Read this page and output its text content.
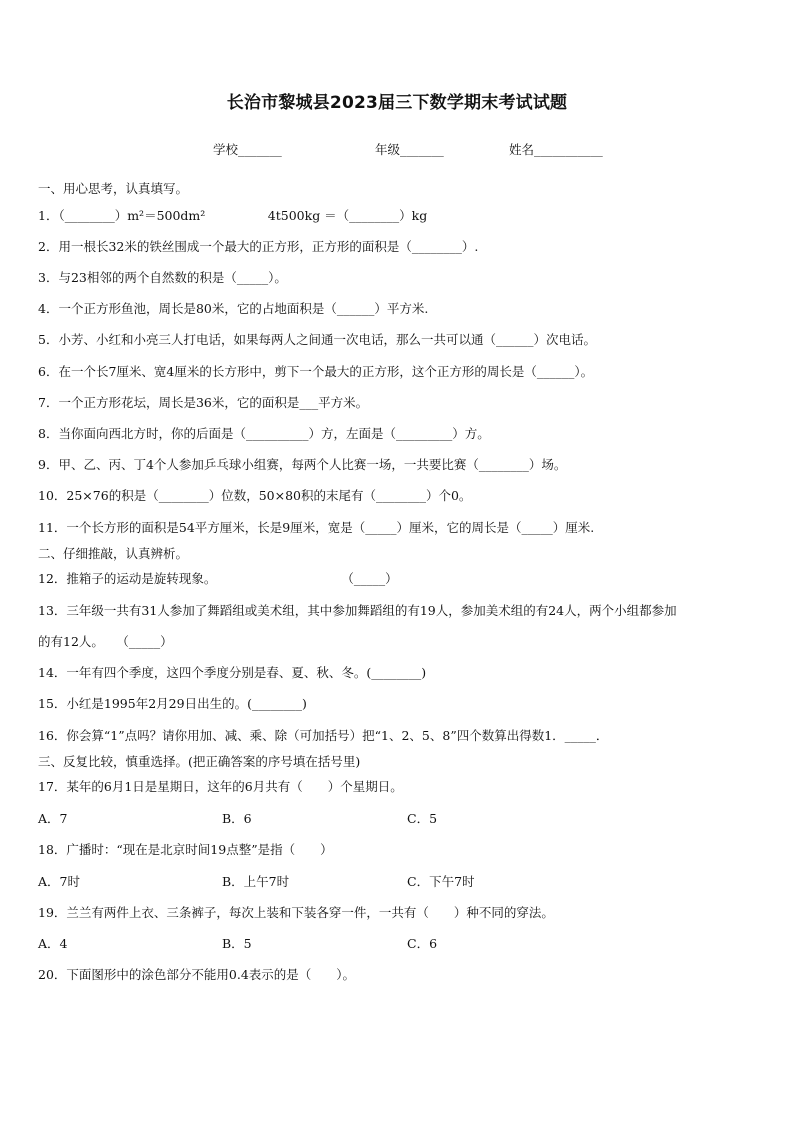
长治市黎城县2023届三下数学期末考试试题
学校_______	年级_______	姓名___________
一、用心思考，认真填写。
1．（________）m²＝500dm²　　　　　4t500kg ＝（________）kg
2．用一根长32米的铁丝围成一个最大的正方形，正方形的面积是（________）.
3．与23相邻的两个自然数的积是（_____）。
4．一个正方形鱼池，周长是80米，它的占地面积是（______）平方米.
5．小芳、小红和小亮三人打电话，如果每两人之间通一次电话，那么一共可以通（______）次电话。
6．在一个长7厘米、宽4厘米的长方形中，剪下一个最大的正方形，这个正方形的周长是（______）。
7．一个正方形花坛，周长是36米，它的面积是___平方米。
8．当你面向西北方时，你的后面是（__________）方，左面是（_________）方。
9．甲、乙、丙、丁4个人参加乒乓球小组赛，每两个人比赛一场，一共要比赛（________）场。
10．25×76的积是（________）位数，50×80积的末尾有（________）个0。
11．一个长方形的面积是54平方厘米，长是9厘米，宽是（_____）厘米，它的周长是（_____）厘米.
二、仔细推敲，认真辨析。
12．推箱子的运动是旋转现象。　　　　　　　　　　　（_____）
13．三年级一共有31人参加了舞蹈组或美术组，其中参加舞蹈组的有19人，参加美术组的有24人，两个小组都参加
的有12人。　　（_____）
14．一年有四个季度，这四个季度分别是春、夏、秋、冬。(________)
15．小红是1995年2月29日出生的。(________)
16．你会算“1”点吗？请你用加、减、乘、除（可加括号）把“1、2、5、8”四个数算出得数1．_____．
三、反复比较，慎重选择。(把正确答案的序号填在括号里)
17．某年的6月1日是星期日，这年的6月共有（　　）个星期日。
A．7	B．6	C．5
18．广播时：“现在是北京时间19点整”是指（　　）
A．7时	B．上午7时	C．下午7时
19．兰兰有两件上衣、三条裤子，每次上装和下装各穿一件，一共有（　　）种不同的穿法。
A．4	B．5	C．6
20．下面图形中的涂色部分不能用0.4表示的是（　　）。
